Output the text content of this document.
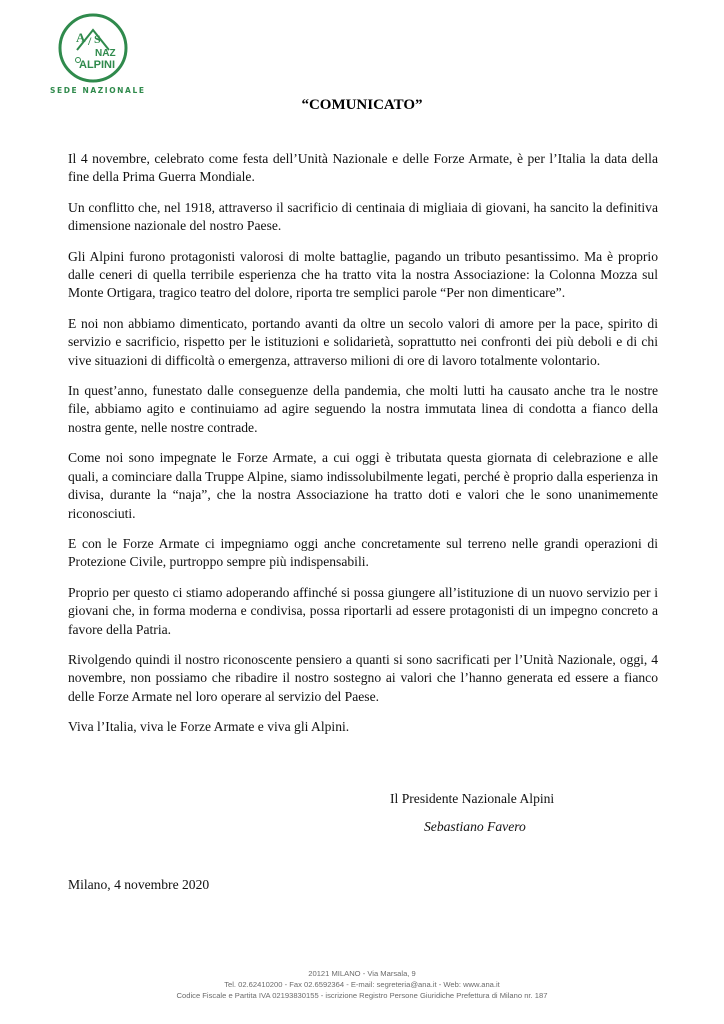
A / S
NAZ
ALPINI
SEDE NAZIONALE
“COMUNICATO”

Il 4 novembre, celebrato come festa dell’Unità Nazionale e delle Forze Armate, è per l’Italia la data della fine della Prima Guerra Mondiale.

Un conflitto che, nel 1918, attraverso il sacrificio di centinaia di migliaia di giovani, ha sancito la definitiva dimensione nazionale del nostro Paese.

Gli Alpini furono protagonisti valorosi di molte battaglie, pagando un tributo pesantissimo. Ma è proprio dalle ceneri di quella terribile esperienza che ha tratto vita la nostra Associazione: la Colonna Mozza sul Monte Ortigara, tragico teatro del dolore, riporta tre semplici parole “Per non dimenticare”.

E noi non abbiamo dimenticato, portando avanti da oltre un secolo valori di amore per la pace, spirito di servizio e sacrificio, rispetto per le istituzioni e solidarietà, soprattutto nei confronti dei più deboli e di chi vive situazioni di difficoltà o emergenza, attraverso milioni di ore di lavoro totalmente volontario.

In quest’anno, funestato dalle conseguenze della pandemia, che molti lutti ha causato anche tra le nostre file, abbiamo agito e continuiamo ad agire seguendo la nostra immutata linea di condotta a fianco della nostra gente, nelle nostre contrade.

Come noi sono impegnate le Forze Armate, a cui oggi è tributata questa giornata di celebrazione e alle quali, a cominciare dalla Truppe Alpine, siamo indissolubilmente legati, perché è proprio dalla esperienza in divisa, durante la “naja”, che la nostra Associazione ha tratto doti e valori che le sono unanimemente riconosciuti.

E con le Forze Armate ci impegniamo oggi anche concretamente sul terreno nelle grandi operazioni di Protezione Civile, purtroppo sempre più indispensabili.

Proprio per questo ci stiamo adoperando affinché si possa giungere all’istituzione di un nuovo servizio per i giovani che, in forma moderna e condivisa, possa riportarli ad essere protagonisti di un impegno concreto a favore della Patria.

Rivolgendo quindi il nostro riconoscente pensiero a quanti si sono sacrificati per l’Unità Nazionale, oggi, 4 novembre, non possiamo che ribadire il nostro sostegno ai valori che l’hanno generata ed essere a fianco delle Forze Armate nel loro operare al servizio del Paese.

Viva l’Italia, viva le Forze Armate e viva gli Alpini.

Il Presidente Nazionale Alpini
Sebastiano Favero
Milano, 4 novembre 2020
20121 MILANO - Via Marsala, 9
Tel. 02.62410200 - Fax 02.6592364 - E-mail: segreteria@ana.it - Web: www.ana.it
Codice Fiscale e Partita IVA 02193830155 - iscrizione Registro Persone Giuridiche Prefettura di Milano nr. 187
